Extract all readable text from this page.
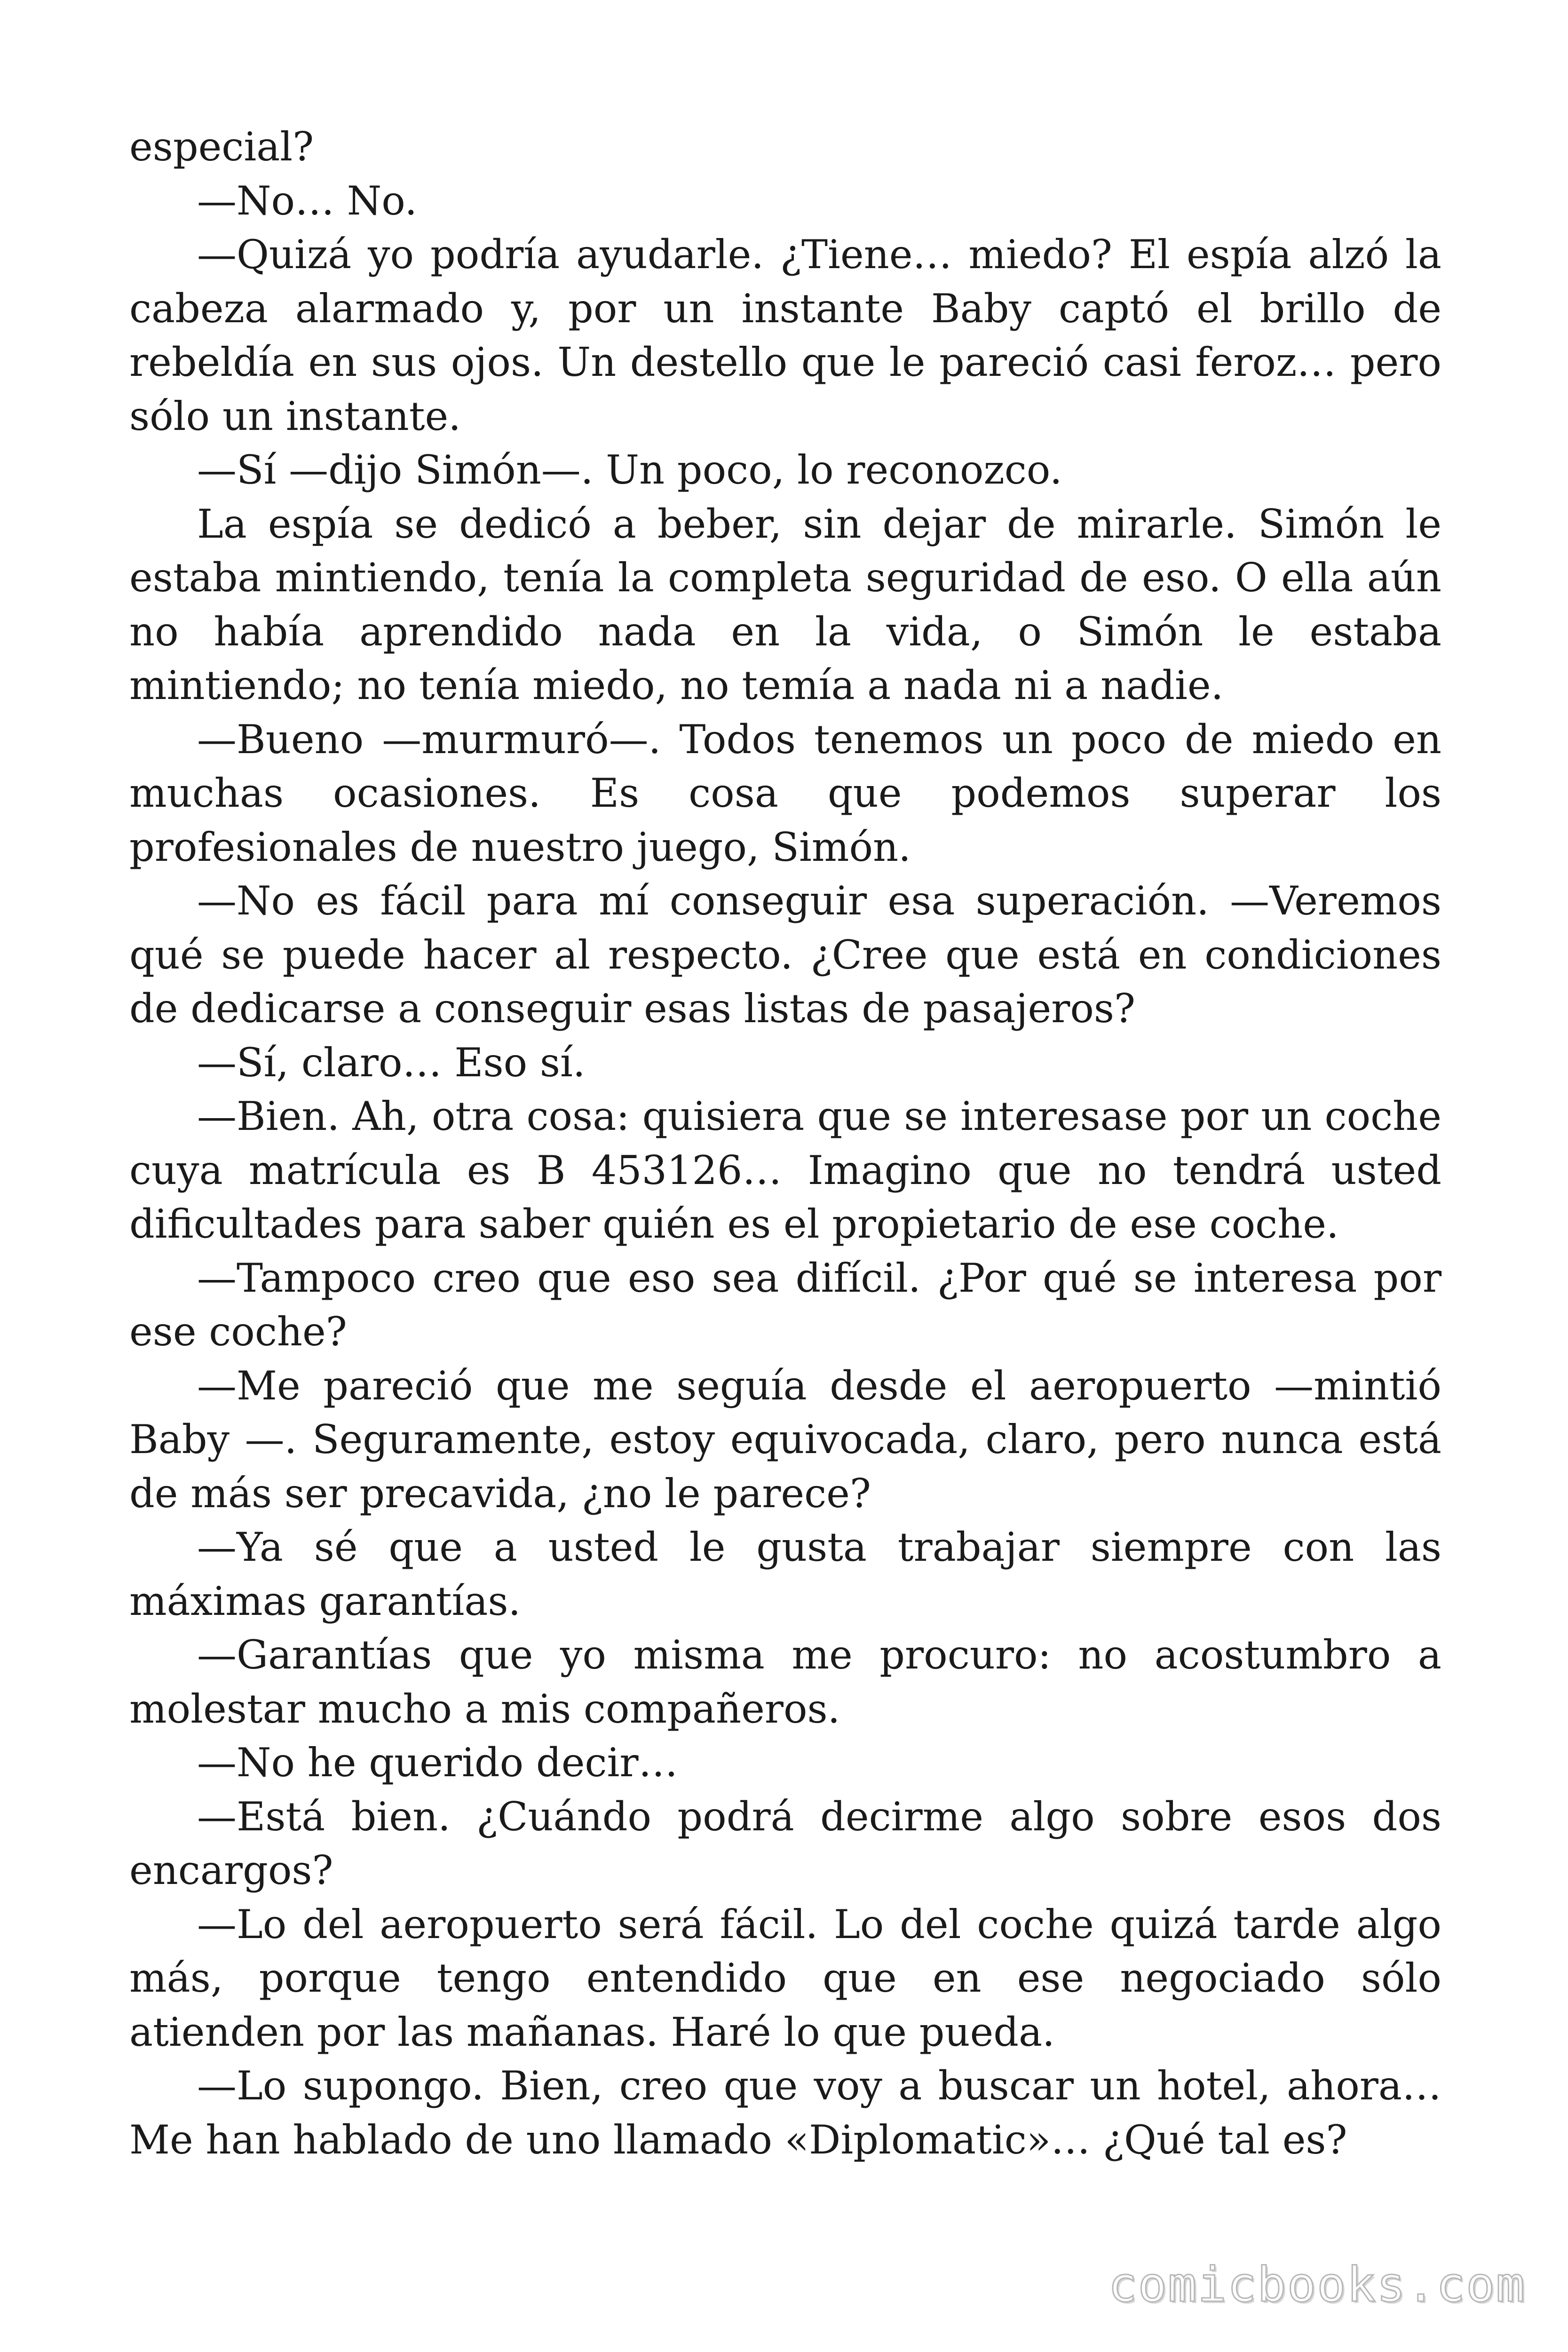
especial?

—No… No.

—Quizá yo podría ayudarle. ¿Tiene… miedo? El espía alzó la cabeza alarmado y, por un instante Baby captó el brillo de rebeldía en sus ojos. Un destello que le pareció casi feroz… pero sólo un instante.

—Sí —dijo Simón—. Un poco, lo reconozco.

La espía se dedicó a beber, sin dejar de mirarle. Simón le estaba mintiendo, tenía la completa seguridad de eso. O ella aún no había aprendido nada en la vida, o Simón le estaba mintiendo; no tenía miedo, no temía a nada ni a nadie.

—Bueno —murmuró—. Todos tenemos un poco de miedo en muchas ocasiones. Es cosa que podemos superar los profesionales de nuestro juego, Simón.

—No es fácil para mí conseguir esa superación. —Veremos qué se puede hacer al respecto. ¿Cree que está en condiciones de dedicarse a conseguir esas listas de pasajeros?

—Sí, claro… Eso sí.

—Bien. Ah, otra cosa: quisiera que se interesase por un coche cuya matrícula es B 453126… Imagino que no tendrá usted dificultades para saber quién es el propietario de ese coche.

—Tampoco creo que eso sea difícil. ¿Por qué se interesa por ese coche?

—Me pareció que me seguía desde el aeropuerto —mintió Baby —. Seguramente, estoy equivocada, claro, pero nunca está de más ser precavida, ¿no le parece?

—Ya sé que a usted le gusta trabajar siempre con las máximas garantías.

—Garantías que yo misma me procuro: no acostumbro a molestar mucho a mis compañeros.

—No he querido decir…

—Está bien. ¿Cuándo podrá decirme algo sobre esos dos encargos?

—Lo del aeropuerto será fácil. Lo del coche quizá tarde algo más, porque tengo entendido que en ese negociado sólo atienden por las mañanas. Haré lo que pueda.

—Lo supongo. Bien, creo que voy a buscar un hotel, ahora… Me han hablado de uno llamado «Diplomatic»… ¿Qué tal es?

comicbooks.com
